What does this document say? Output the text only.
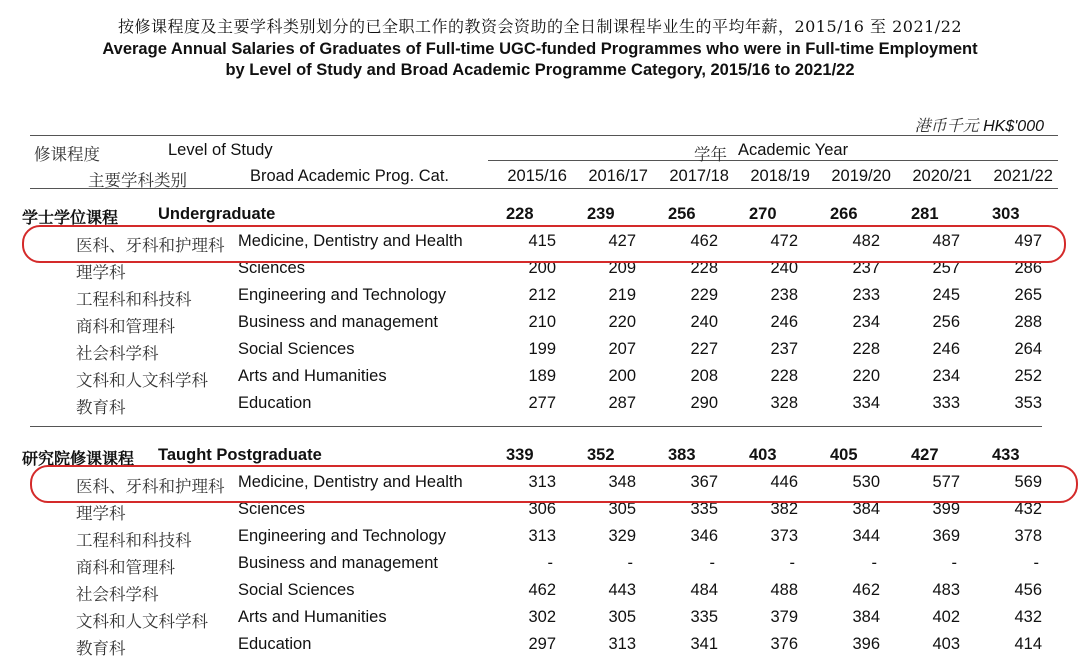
按修课程度及主要学科类别划分的已全职工作的教资会资助的全日制课程毕业生的平均年薪，2015/16 至 2021/22
Average Annual Salaries of Graduates of Full-time UGC-funded Programmes who were in Full-time Employment
by Level of Study and Broad Academic Programme Category, 2015/16 to 2021/22
港币千元 HK$'000
修课程度	Level of Study
主要学科类别	Broad Academic Prog. Cat.
学年 Academic Year
2015/16	2016/17	2017/18	2018/19	2019/20	2020/21	2021/22
学士学位课程 Undergraduate	228	239	256	270	266	281	303
医科、牙科和护理科 Medicine, Dentistry and Health	415	427	462	472	482	487	497
理学科	Sciences	200	209	228	240	237	257	286
工程科和科技科	Engineering and Technology	212	219	229	238	233	245	265
商科和管理科	Business and management	210	220	240	246	234	256	288
社会科学科	Social Sciences	199	207	227	237	228	246	264
文科和人文科学科 Arts and Humanities	189	200	208	228	220	234	252
教育科	Education	277	287	290	328	334	333	353
研究院修课课程 Taught Postgraduate	339	352	383	403	405	427	433
医科、牙科和护理科 Medicine, Dentistry and Health	313	348	367	446	530	577	569
理学科	Sciences	306	305	335	382	384	399	432
工程科和科技科	Engineering and Technology	313	329	346	373	344	369	378
商科和管理科	Business and management	-	-	-	-	-	-	-
社会科学科	Social Sciences	462	443	484	488	462	483	456
文科和人文科学科 Arts and Humanities	302	305	335	379	384	402	432
教育科	Education	297	313	341	376	396	403	414
